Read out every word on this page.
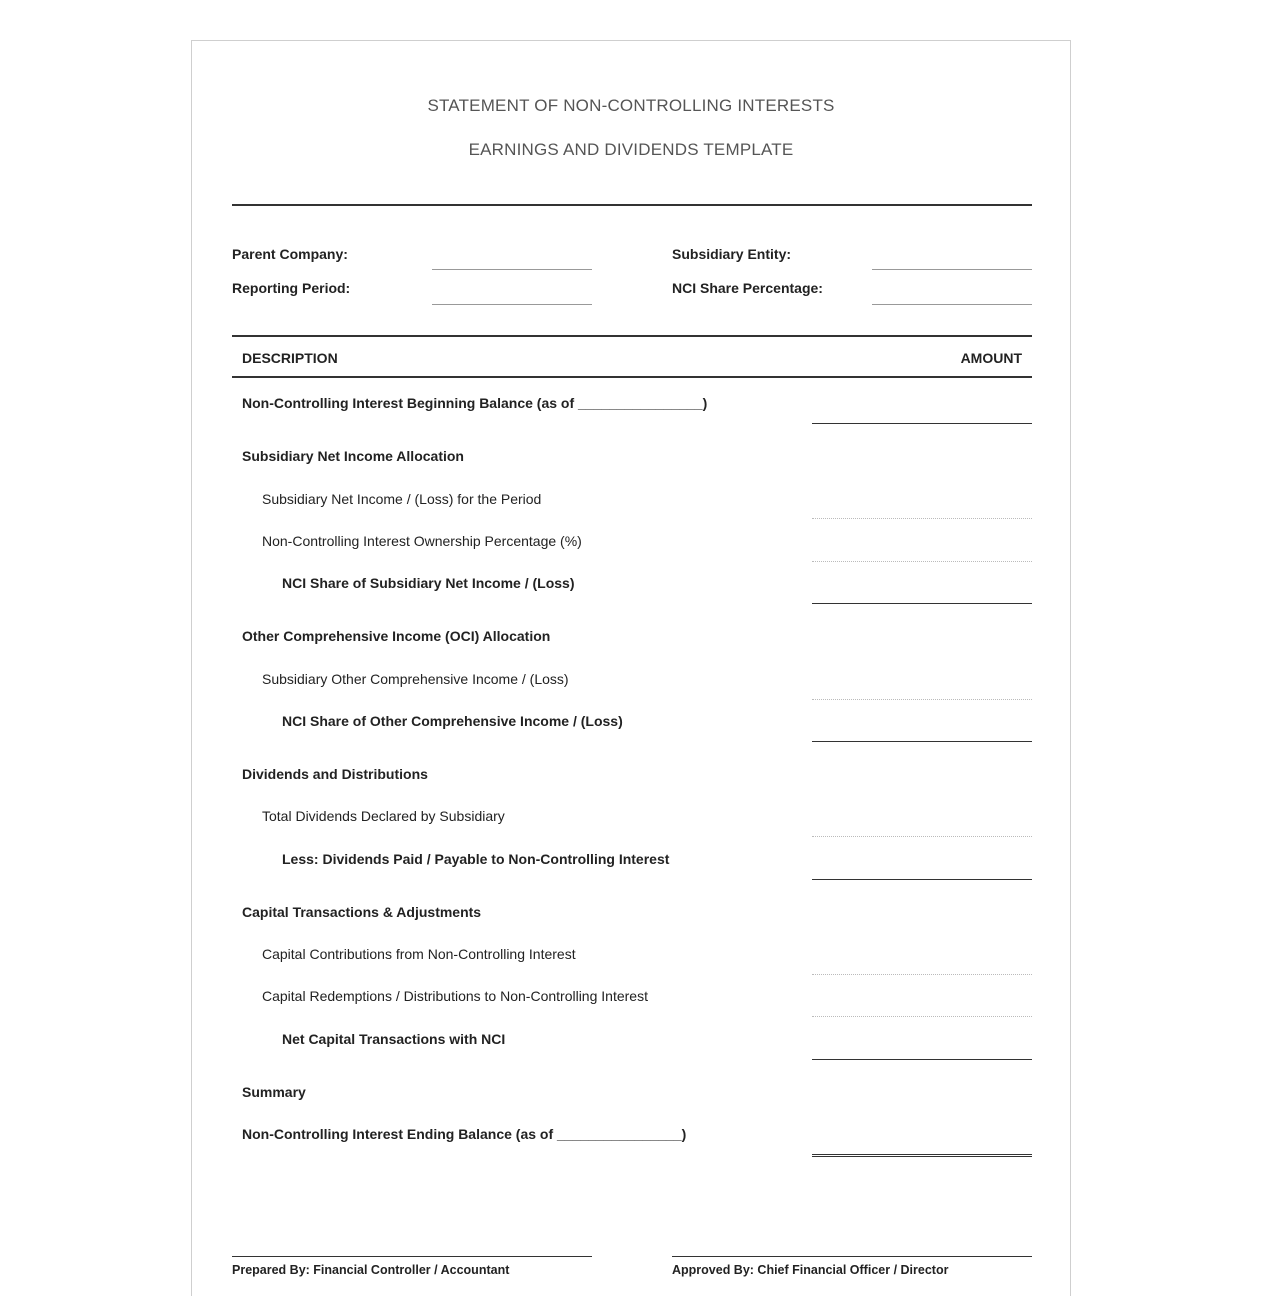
STATEMENT OF NON-CONTROLLING INTERESTS
EARNINGS AND DIVIDENDS TEMPLATE
Parent Company:	Subsidiary Entity:
Reporting Period:	NCI Share Percentage:
DESCRIPTION	AMOUNT
Non-Controlling Interest Beginning Balance (as of ________________)
Subsidiary Net Income Allocation
Subsidiary Net Income / (Loss) for the Period
Non-Controlling Interest Ownership Percentage (%)
NCI Share of Subsidiary Net Income / (Loss)
Other Comprehensive Income (OCI) Allocation
Subsidiary Other Comprehensive Income / (Loss)
NCI Share of Other Comprehensive Income / (Loss)
Dividends and Distributions
Total Dividends Declared by Subsidiary
Less: Dividends Paid / Payable to Non-Controlling Interest
Capital Transactions & Adjustments
Capital Contributions from Non-Controlling Interest
Capital Redemptions / Distributions to Non-Controlling Interest
Net Capital Transactions with NCI
Summary
Non-Controlling Interest Ending Balance (as of ________________)
Prepared By: Financial Controller / Accountant	Approved By: Chief Financial Officer / Director
